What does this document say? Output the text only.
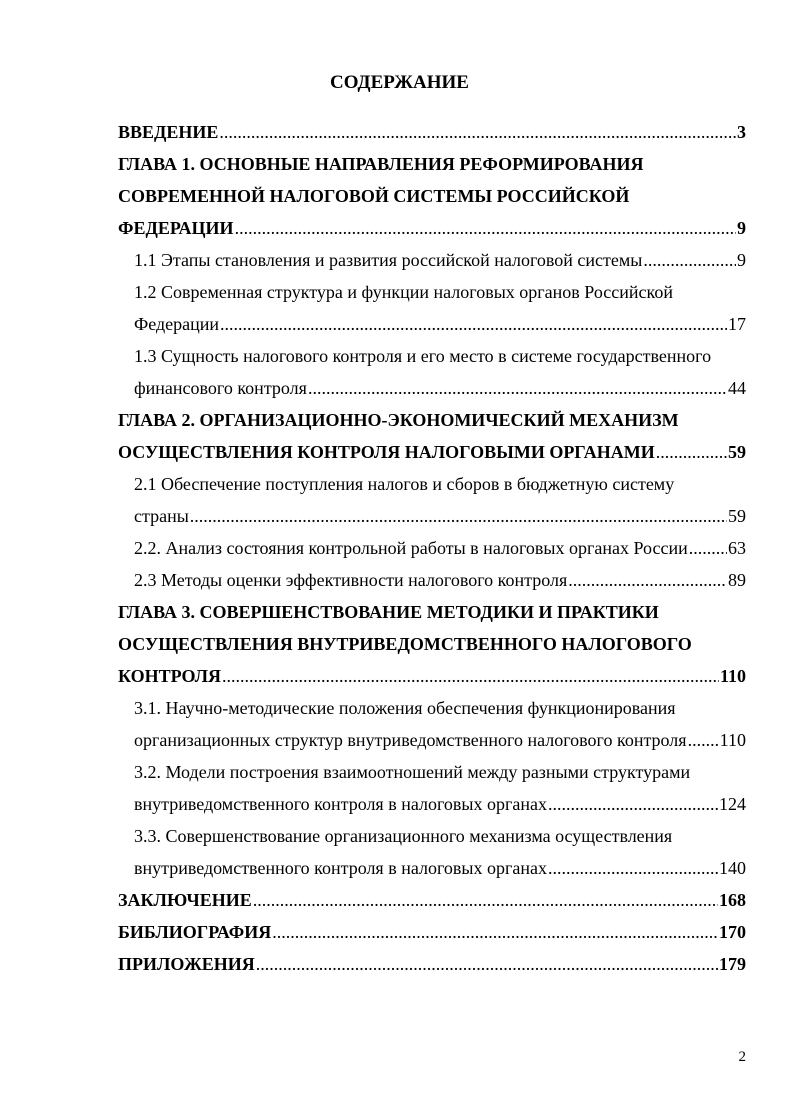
СОДЕРЖАНИЕ
ВВЕДЕНИЕ .....	3
ГЛАВА 1. ОСНОВНЫЕ НАПРАВЛЕНИЯ РЕФОРМИРОВАНИЯ
СОВРЕМЕННОЙ НАЛОГОВОЙ СИСТЕМЫ РОССИЙСКОЙ
ФЕДЕРАЦИИ .....	9
1.1 Этапы становления и развития российской налоговой системы .....	9
1.2 Современная структура и функции налоговых органов Российской
Федерации .....	17
1.3 Сущность налогового контроля и его место в системе государственного
финансового контроля .....	44
ГЛАВА 2. ОРГАНИЗАЦИОННО-ЭКОНОМИЧЕСКИЙ МЕХАНИЗМ
ОСУЩЕСТВЛЕНИЯ КОНТРОЛЯ НАЛОГОВЫМИ ОРГАНАМИ .....	59
2.1 Обеспечение поступления налогов и сборов в бюджетную систему
страны .....	59
2.2. Анализ состояния контрольной работы в налоговых органах России ..... 63
2.3 Методы оценки эффективности налогового контроля .....	89
ГЛАВА 3. СОВЕРШЕНСТВОВАНИЕ МЕТОДИКИ И ПРАКТИКИ
ОСУЩЕСТВЛЕНИЯ ВНУТРИВЕДОМСТВЕННОГО НАЛОГОВОГО
КОНТРОЛЯ .....	110
3.1. Научно-методические положения обеспечения функционирования
организационных структур внутриведомственного налогового контроля ..... 110
3.2. Модели построения взаимоотношений между разными структурами
внутриведомственного контроля в налоговых органах .....	124
3.3. Совершенствование организационного механизма осуществления
внутриведомственного контроля в налоговых органах .....	140
ЗАКЛЮЧЕНИЕ .....	168
БИБЛИОГРАФИЯ .....	170
ПРИЛОЖЕНИЯ .....	179
2
